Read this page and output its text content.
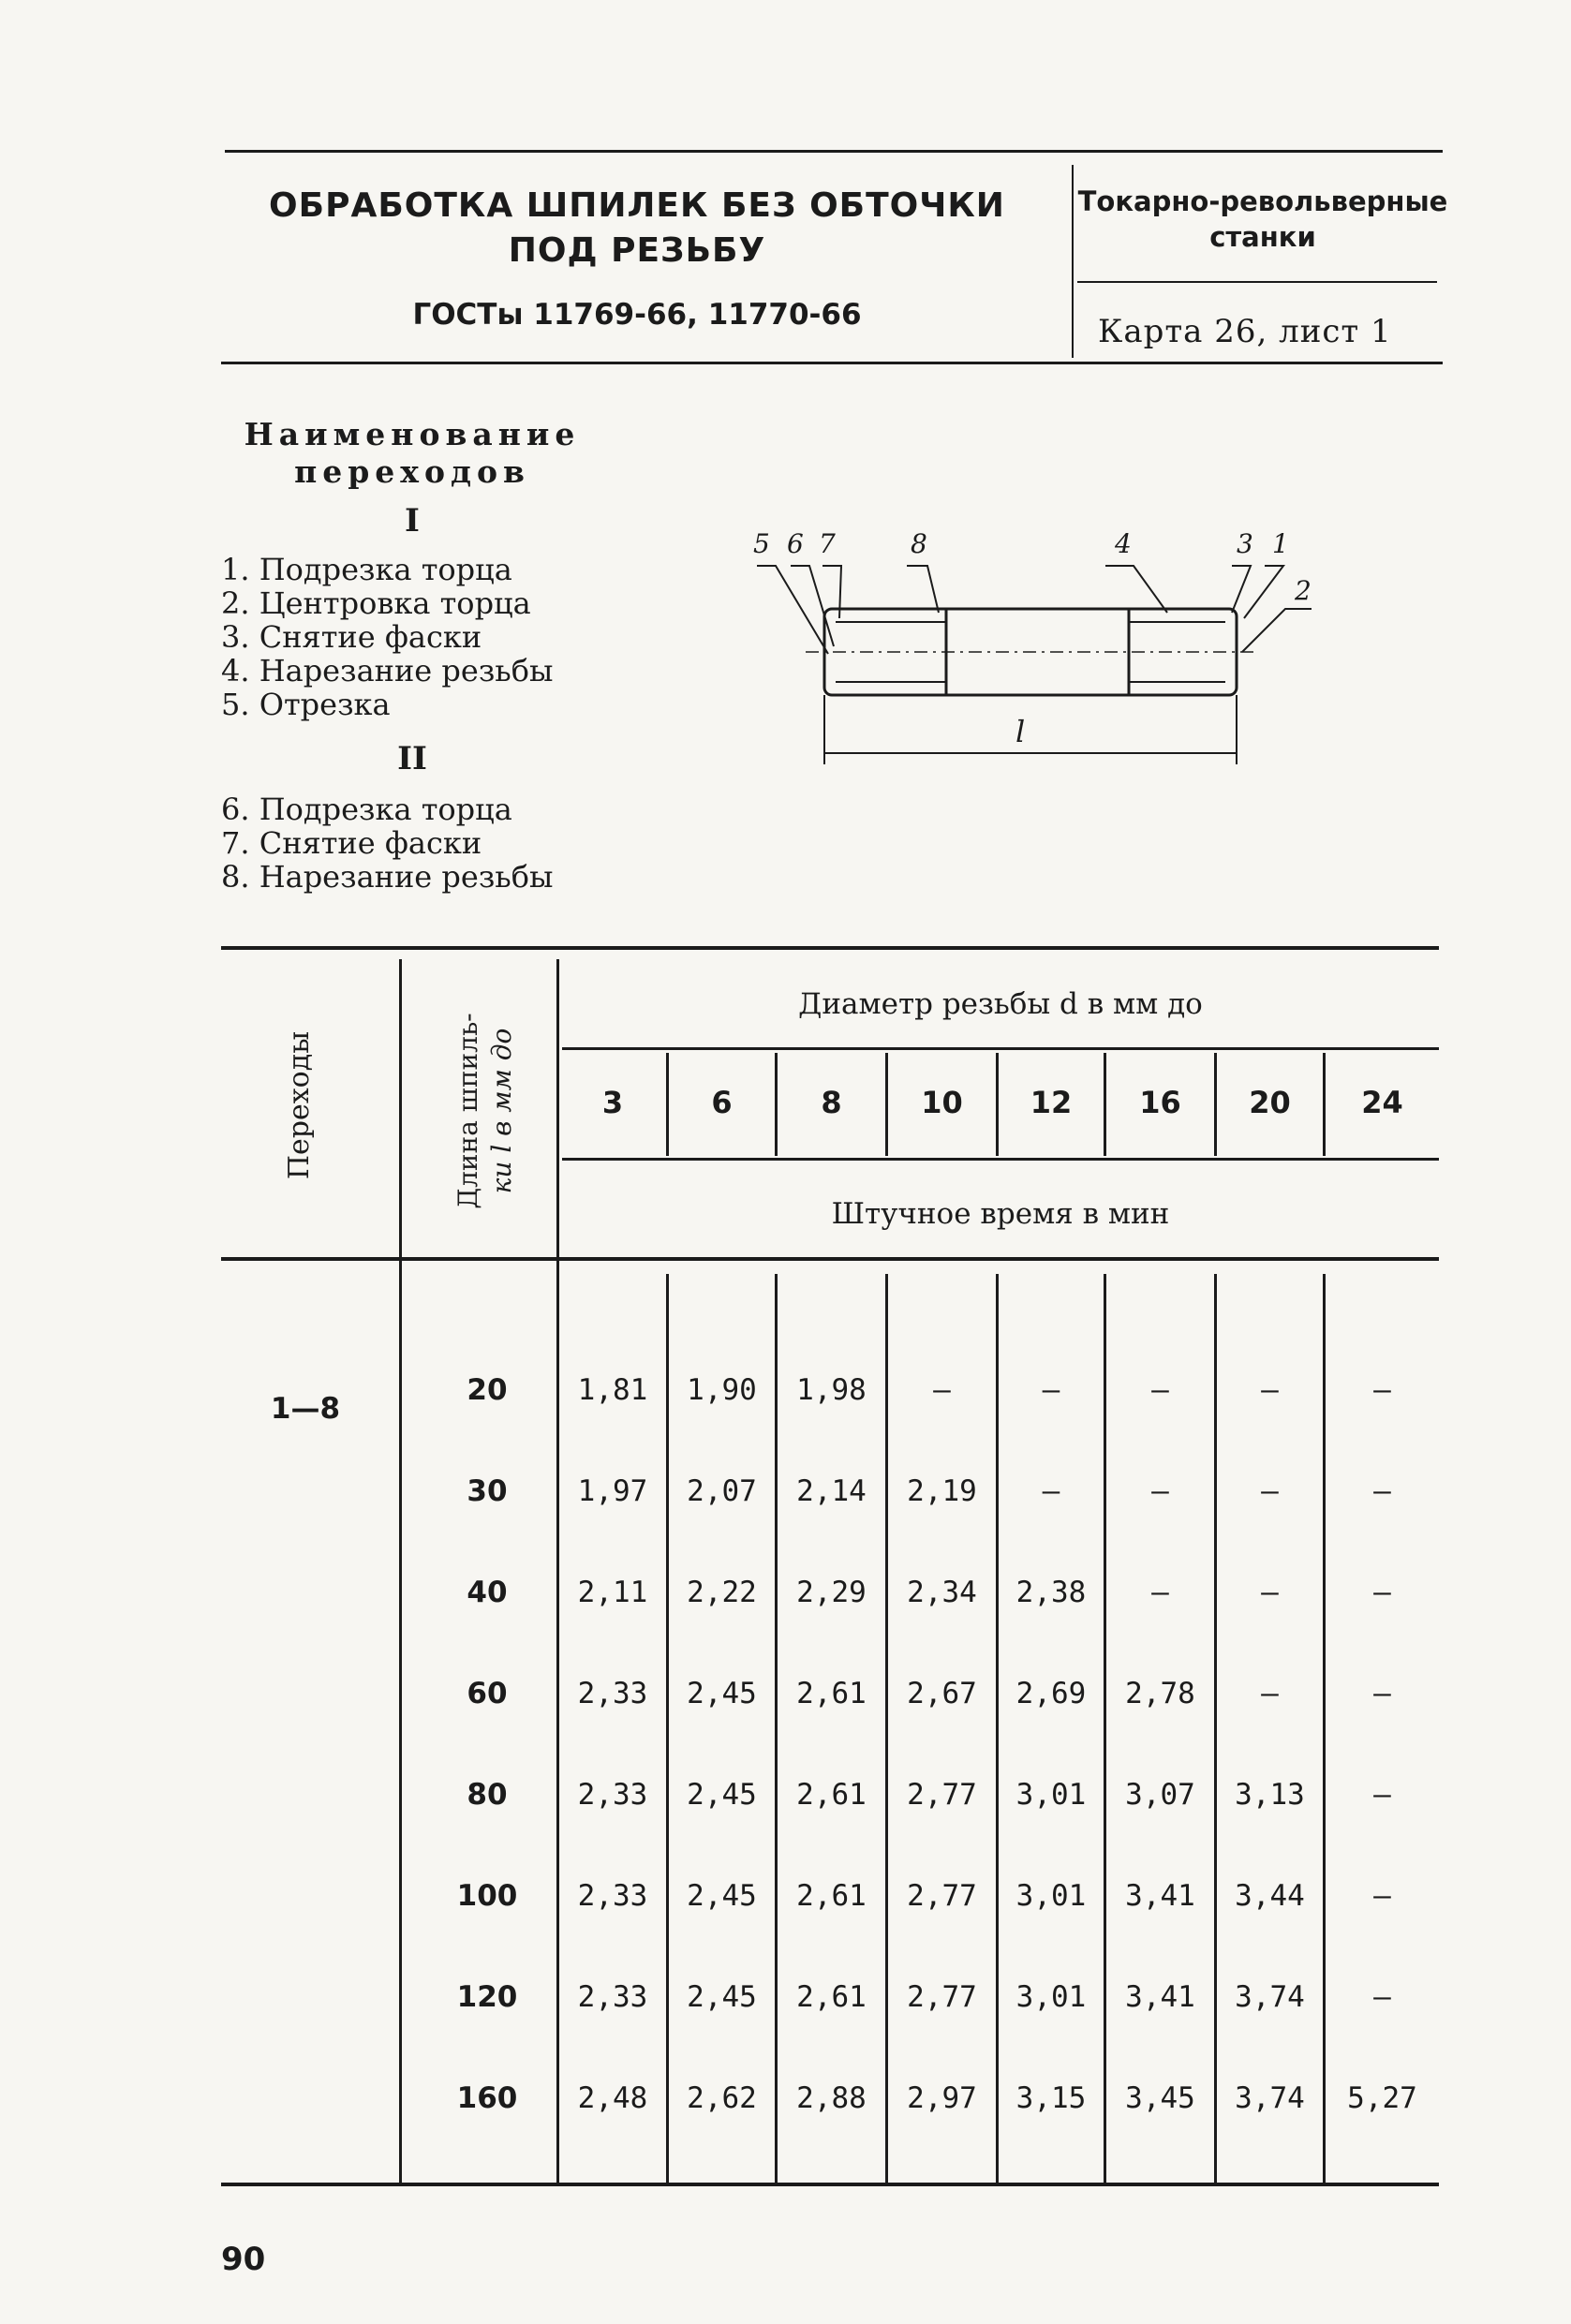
ОБРАБОТКА ШПИЛЕК БЕЗ ОБТОЧКИ
ПОД РЕЗЬБУ
ГОСТы 11769-66, 11770-66
Токарно-револьверные
станки
Карта 26, лист 1
Наименование
переходов
I
1. Подрезка торца
2. Центровка торца
3. Снятие фаски
4. Нарезание резьбы
5. Отрезка
II
6. Подрезка торца
7. Снятие фаски
8. Нарезание резьбы
5 6 7	8	4	3 1
2
l
Переходы	Длина шпиль- ки l в мм до
Диаметр резьбы d в мм до
Штучное время в мин
3	6	8	10	12	16	20	24
20	1,81	1,90	1,98	—	—	—	—	—
30	1,97	2,07	2,14	2,19	—	—	—	—
40	2,11	2,22	2,29	2,34	2,38	—	—	—
60	2,33	2,45	2,61	2,67	2,69	2,78	—	—
80	2,33	2,45	2,61	2,77	3,01	3,07	3,13	—
100	2,33	2,45	2,61	2,77	3,01	3,41	3,44	—
120	2,33	2,45	2,61	2,77	3,01	3,41	3,74	—
160	2,48	2,62	2,88	2,97	3,15	3,45	3,74	5,27
1—8
90
